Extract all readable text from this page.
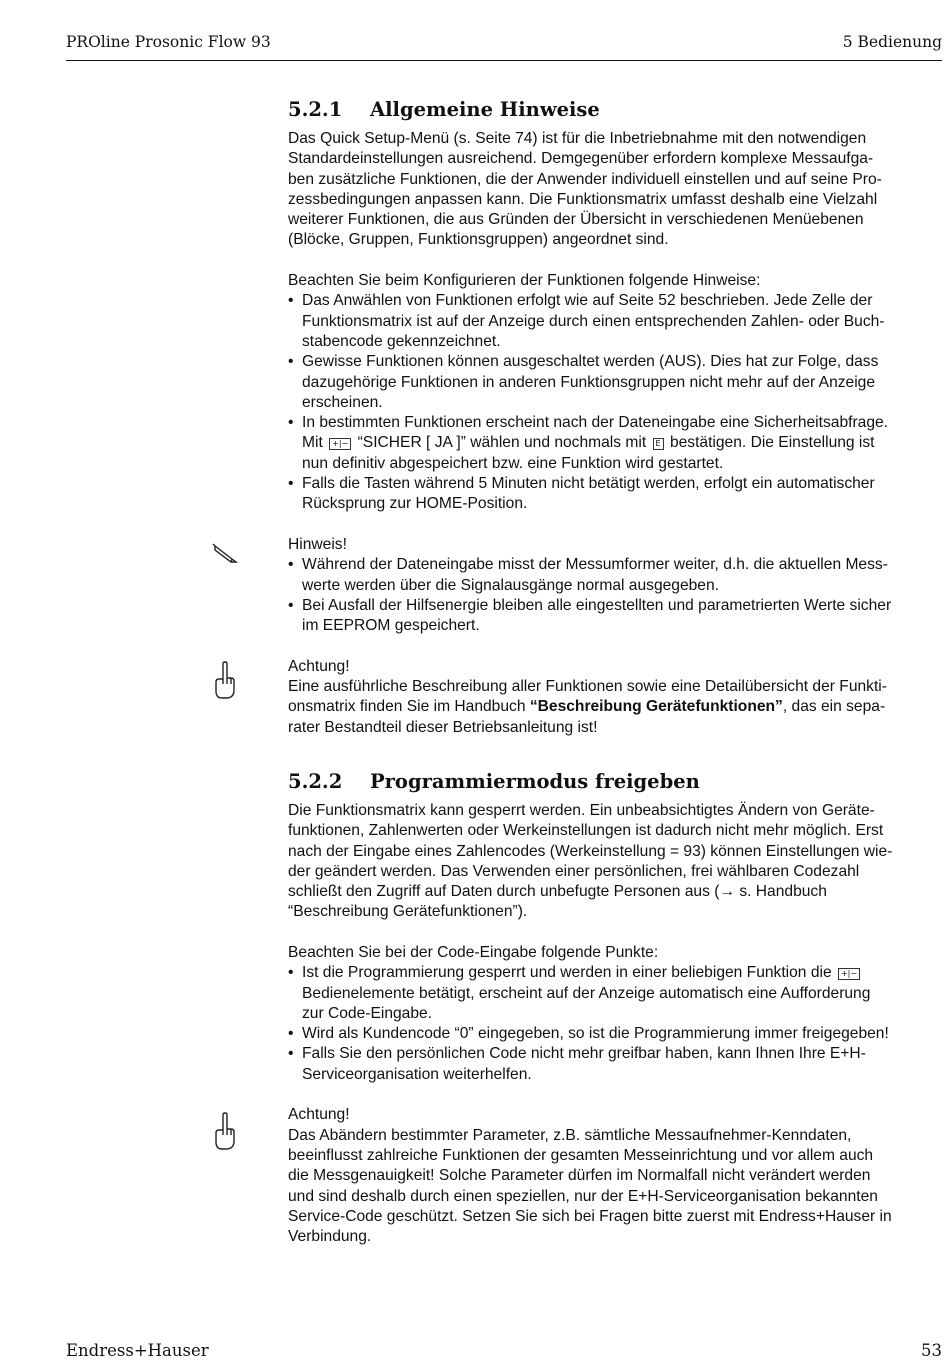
PROline Prosonic Flow 93	5 Bedienung
5.2.1 Allgemeine Hinweise

Das Quick Setup-Menü (s. Seite 74) ist für die Inbetriebnahme mit den notwendigen
Standardeinstellungen ausreichend. Demgegenüber erfordern komplexe Messaufga-
ben zusätzliche Funktionen, die der Anwender individuell einstellen und auf seine Pro-
zessbedingungen anpassen kann. Die Funktionsmatrix umfasst deshalb eine Vielzahl
weiterer Funktionen, die aus Gründen der Übersicht in verschiedenen Menüebenen
(Blöcke, Gruppen, Funktionsgruppen) angeordnet sind.

Beachten Sie beim Konfigurieren der Funktionen folgende Hinweise:

• Das Anwählen von Funktionen erfolgt wie auf Seite 52 beschrieben. Jede Zelle der
Funktionsmatrix ist auf der Anzeige durch einen entsprechenden Zahlen- oder Buch-
stabencode gekennzeichnet.
• Gewisse Funktionen können ausgeschaltet werden (AUS). Dies hat zur Folge, dass
dazugehörige Funktionen in anderen Funktionsgruppen nicht mehr auf der Anzeige
erscheinen.
• In bestimmten Funktionen erscheint nach der Dateneingabe eine Sicherheitsabfrage.
Mit +|− “SICHER [ JA ]” wählen und nochmals mit E bestätigen. Die Einstellung ist
nun definitiv abgespeichert bzw. eine Funktion wird gestartet.
• Falls die Tasten während 5 Minuten nicht betätigt werden, erfolgt ein automatischer
Rücksprung zur HOME-Position.

Hinweis!

• Während der Dateneingabe misst der Messumformer weiter, d.h. die aktuellen Mess-
werte werden über die Signalausgänge normal ausgegeben.
• Bei Ausfall der Hilfsenergie bleiben alle eingestellten und parametrierten Werte sicher
im EEPROM gespeichert.

Achtung!

Eine ausführliche Beschreibung aller Funktionen sowie eine Detailübersicht der Funkti-
onsmatrix finden Sie im Handbuch “Beschreibung Gerätefunktionen”, das ein sepa-
rater Bestandteil dieser Betriebsanleitung ist!

5.2.2 Programmiermodus freigeben

Die Funktionsmatrix kann gesperrt werden. Ein unbeabsichtigtes Ändern von Geräte-
funktionen, Zahlenwerten oder Werkeinstellungen ist dadurch nicht mehr möglich. Erst
nach der Eingabe eines Zahlencodes (Werkeinstellung = 93) können Einstellungen wie-
der geändert werden. Das Verwenden einer persönlichen, frei wählbaren Codezahl
schließt den Zugriff auf Daten durch unbefugte Personen aus (→ s. Handbuch
“Beschreibung Gerätefunktionen”).

Beachten Sie bei der Code-Eingabe folgende Punkte:

• Ist die Programmierung gesperrt und werden in einer beliebigen Funktion die +|−
Bedienelemente betätigt, erscheint auf der Anzeige automatisch eine Aufforderung
zur Code-Eingabe.
• Wird als Kundencode “0” eingegeben, so ist die Programmierung immer freigegeben!
• Falls Sie den persönlichen Code nicht mehr greifbar haben, kann Ihnen Ihre E+H-
Serviceorganisation weiterhelfen.

Achtung!

Das Abändern bestimmter Parameter, z.B. sämtliche Messaufnehmer-Kenndaten,
beeinflusst zahlreiche Funktionen der gesamten Messeinrichtung und vor allem auch
die Messgenauigkeit! Solche Parameter dürfen im Normalfall nicht verändert werden
und sind deshalb durch einen speziellen, nur der E+H-Serviceorganisation bekannten
Service-Code geschützt. Setzen Sie sich bei Fragen bitte zuerst mit Endress+Hauser in
Verbindung.

Endress+Hauser	53
